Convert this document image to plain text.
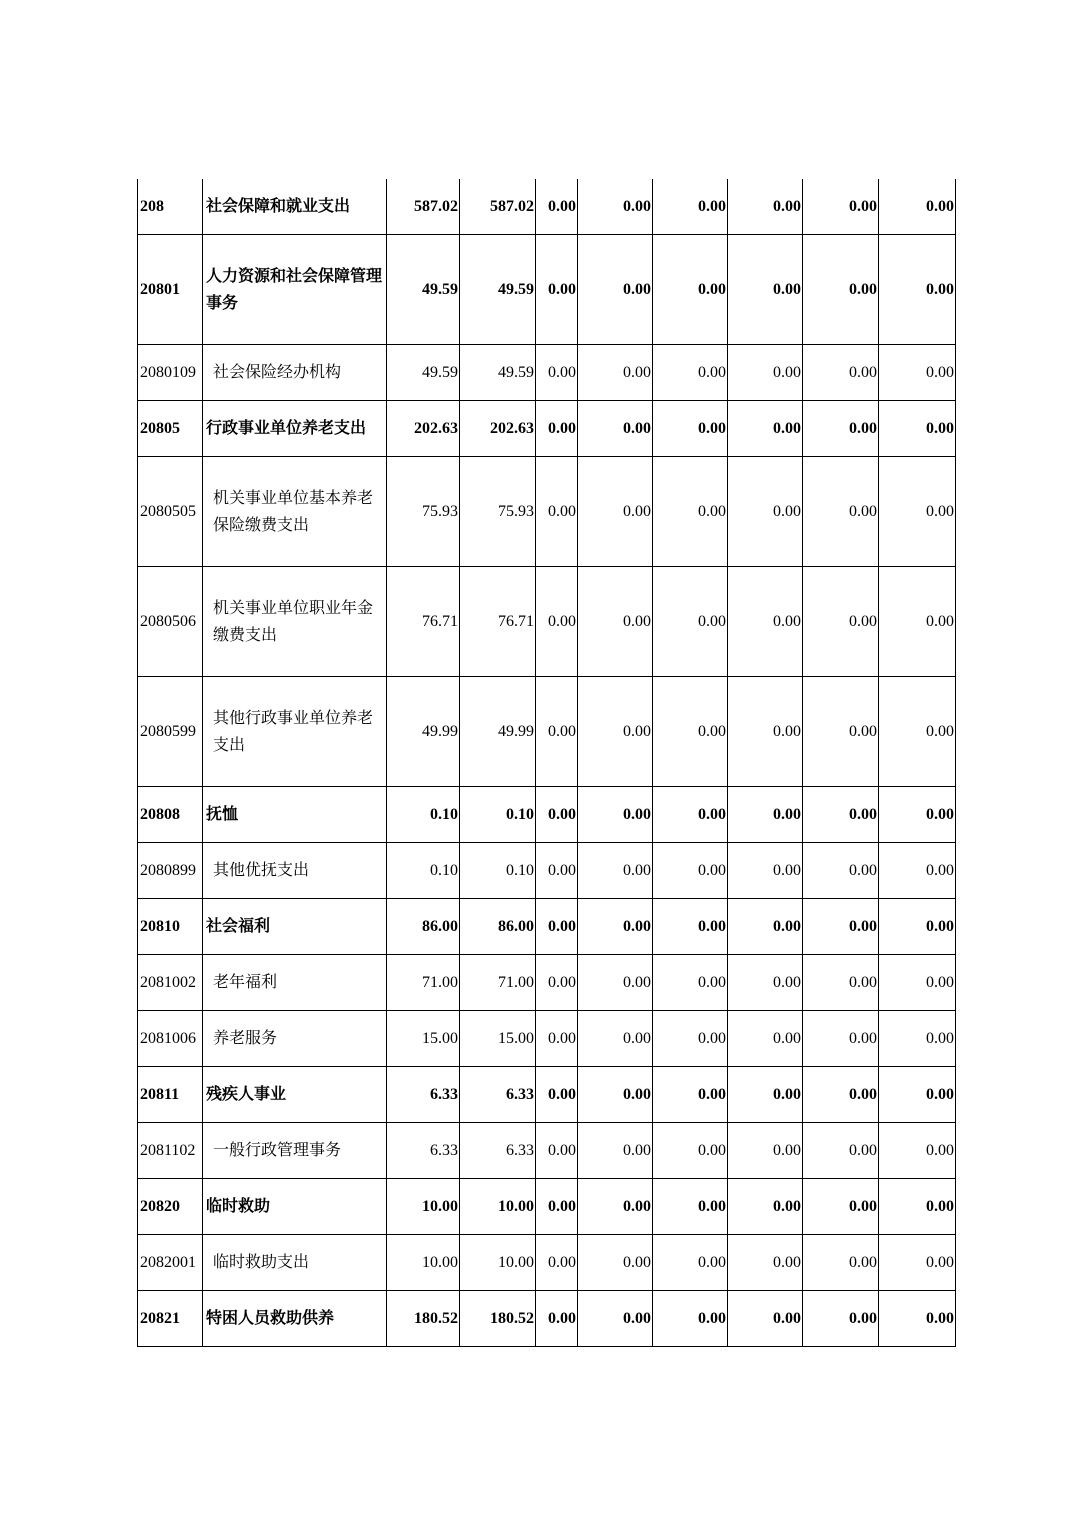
208	社会保障和就业支出	587.02	587.02	0.00	0.00	0.00	0.00	0.00	0.00
20801	人力资源和社会保障管理事务	49.59	49.59	0.00	0.00	0.00	0.00	0.00	0.00
2080109	社会保险经办机构	49.59	49.59	0.00	0.00	0.00	0.00	0.00	0.00
20805	行政事业单位养老支出	202.63	202.63	0.00	0.00	0.00	0.00	0.00	0.00
2080505	机关事业单位基本养老保险缴费支出	75.93	75.93	0.00	0.00	0.00	0.00	0.00	0.00
2080506	机关事业单位职业年金缴费支出	76.71	76.71	0.00	0.00	0.00	0.00	0.00	0.00
2080599	其他行政事业单位养老支出	49.99	49.99	0.00	0.00	0.00	0.00	0.00	0.00
20808	抚恤	0.10	0.10	0.00	0.00	0.00	0.00	0.00	0.00
2080899	其他优抚支出	0.10	0.10	0.00	0.00	0.00	0.00	0.00	0.00
20810	社会福利	86.00	86.00	0.00	0.00	0.00	0.00	0.00	0.00
2081002	老年福利	71.00	71.00	0.00	0.00	0.00	0.00	0.00	0.00
2081006	养老服务	15.00	15.00	0.00	0.00	0.00	0.00	0.00	0.00
20811	残疾人事业	6.33	6.33	0.00	0.00	0.00	0.00	0.00	0.00
2081102	一般行政管理事务	6.33	6.33	0.00	0.00	0.00	0.00	0.00	0.00
20820	临时救助	10.00	10.00	0.00	0.00	0.00	0.00	0.00	0.00
2082001	临时救助支出	10.00	10.00	0.00	0.00	0.00	0.00	0.00	0.00
20821	特困人员救助供养	180.52	180.52	0.00	0.00	0.00	0.00	0.00	0.00
